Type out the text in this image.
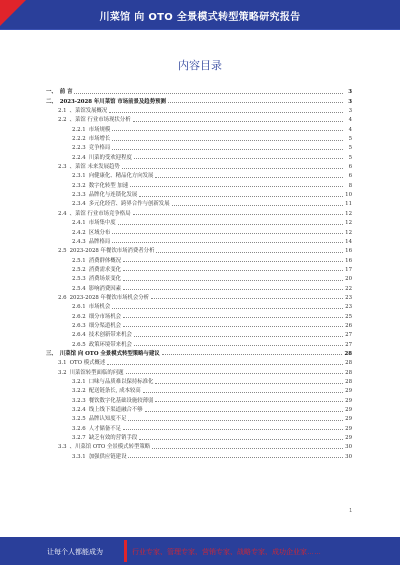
川菜馆 向 OTO 全景模式转型策略研究报告
内容目录
一、 前 言	3
二、 2023-2028 年川菜馆 市场前景及趋势预测	3
2.1 、菜馆发展概况	3
2.2 、菜馆 行业市场现状分析	4
2.2.1 市场规模	4
2.2.2 市场增长	5
2.2.3 竞争格局	5
2.2.4 川菜的受欢迎程度	5
2.3 、菜馆 未来发展趋势	6
2.3.1 向健康化、精品化方向发展	6
2.3.2 数字化转型 加速	8
2.3.3 品牌化与连锁化发展	10
2.3.4 多元化经营、跨界合作与创新发展	11
2.4 、菜馆 行业市场竞争格局	12
2.4.1 市场集中度	12
2.4.2 区域分布	12
2.4.3 品牌格局	14
2.5 2023-2028 年餐饮市场消费者分析	16
2.5.1 消费群体概况	16
2.5.2 消费需求变化	17
2.5.3 消费场景变化	20
2.5.4 影响消费因素	22
2.6 2023-2028 年餐饮市场机会分析	23
2.6.1 市场机会	23
2.6.2 细分市场机会	25
2.6.3 细分渠道机会	26
2.6.4 技术创新带来机会	27
2.6.5 政策环境带来机会	27
三、 川菜馆 向 OTO 全景模式转型策略与建议	28
3.1 OTO 模式概述	28
3.2 川菜馆转型面临的问题	28
3.2.1 口味与品质难以保持标准化	28
3.2.2 配送链条长, 成本较高	29
3.2.3 餐饮数字化基础设施较薄弱	29
3.2.4 线上线下渠道融合不够	29
3.2.5 品牌认知度不足	29
3.2.6 人才储备不足	29
3.2.7 缺乏有效的营销手段	29
3.3 、川菜馆 OTO 全景模式转型策略	30
3.3.1 加强供应链建设	30
1
让每个人都能成为	行业专家、管理专家、营销专家、战略专家、成功企业家……
